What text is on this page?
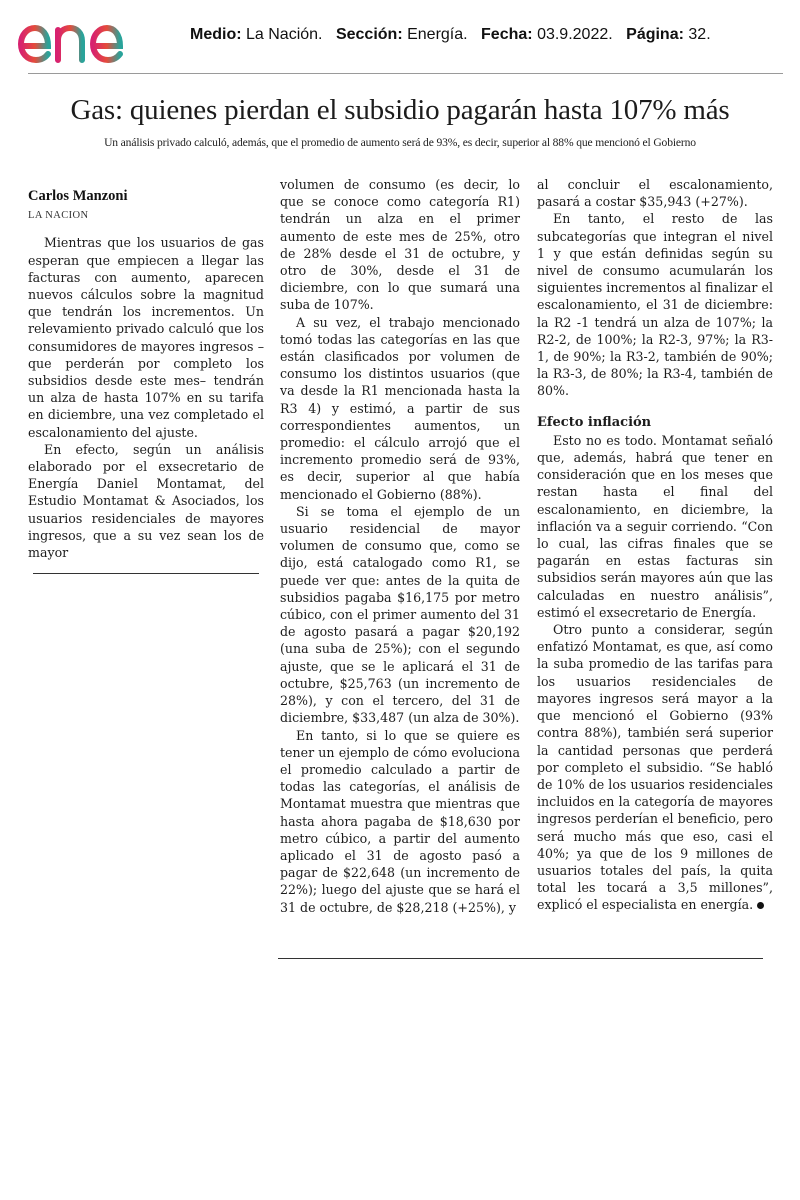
Medio: La Nación. Sección: Energía. Fecha: 03.9.2022. Página: 32.
Gas: quienes pierdan el subsidio pagarán hasta 107% más
Un análisis privado calculó, además, que el promedio de aumento será de 93%, es decir, superior al 88% que mencionó el Gobierno
Carlos Manzoni
LA NACION

Mientras que los usuarios de gas esperan que empiecen a llegar las facturas con aumento, aparecen nuevos cálculos sobre la magnitud que tendrán los incrementos. Un relevamiento privado calculó que los consumidores de mayores ingresos –que perderán por completo los subsidios desde este mes– tendrán un alza de hasta 107% en su tarifa en diciembre, una vez completado el escalonamiento del ajuste.

En efecto, según un análisis elaborado por el exsecretario de Energía Daniel Montamat, del Estudio Montamat & Asociados, los usuarios residenciales de mayores ingresos, que a su vez sean los de mayor

volumen de consumo (es decir, lo que se conoce como categoría R1) tendrán un alza en el primer aumento de este mes de 25%, otro de 28% desde el 31 de octubre, y otro de 30%, desde el 31 de diciembre, con lo que sumará una suba de 107%.

A su vez, el trabajo mencionado tomó todas las categorías en las que están clasificados por volumen de consumo los distintos usuarios (que va desde la R1 mencionada hasta la R3 4) y estimó, a partir de sus correspondientes aumentos, un promedio: el cálculo arrojó que el incremento promedio será de 93%, es decir, superior al que había mencionado el Gobierno (88%).

Si se toma el ejemplo de un usuario residencial de mayor volumen de consumo que, como se dijo, está catalogado como R1, se puede ver que: antes de la quita de subsidios pagaba $16,175 por metro cúbico, con el primer aumento del 31 de agosto pasará a pagar $20,192 (una suba de 25%); con el segundo ajuste, que se le aplicará el 31 de octubre, $25,763 (un incremento de 28%), y con el tercero, del 31 de diciembre, $33,487 (un alza de 30%).

En tanto, si lo que se quiere es tener un ejemplo de cómo evoluciona el promedio calculado a partir de todas las categorías, el análisis de Montamat muestra que mientras que hasta ahora pagaba de $18,630 por metro cúbico, a partir del aumento aplicado el 31 de agosto pasó a pagar de $22,648 (un incremento de 22%); luego del ajuste que se hará el 31 de octubre, de $28,218 (+25%), y

al concluir el escalonamiento, pasará a costar $35,943 (+27%).

En tanto, el resto de las subcategorías que integran el nivel 1 y que están definidas según su nivel de consumo acumularán los siguientes incrementos al finalizar el escalonamiento, el 31 de diciembre: la R2 -1 tendrá un alza de 107%; la R2-2, de 100%; la R2-3, 97%; la R3-1, de 90%; la R3-2, también de 90%; la R3-3, de 80%; la R3-4, también de 80%.

Efecto inflación

Esto no es todo. Montamat señaló que, además, habrá que tener en consideración que en los meses que restan hasta el final del escalonamiento, en diciembre, la inflación va a seguir corriendo. “Con lo cual, las cifras finales que se pagarán en estas facturas sin subsidios serán mayores aún que las calculadas en nuestro análisis”, estimó el exsecretario de Energía.

Otro punto a considerar, según enfatizó Montamat, es que, así como la suba promedio de las tarifas para los usuarios residenciales de mayores ingresos será mayor a la que mencionó el Gobierno (93% contra 88%), también será superior la cantidad personas que perderá por completo el subsidio. “Se habló de 10% de los usuarios residenciales incluidos en la categoría de mayores ingresos perderían el beneficio, pero será mucho más que eso, casi el 40%; ya que de los 9 millones de usuarios totales del país, la quita total les tocará a 3,5 millones”, explicó el especialista en energía.
